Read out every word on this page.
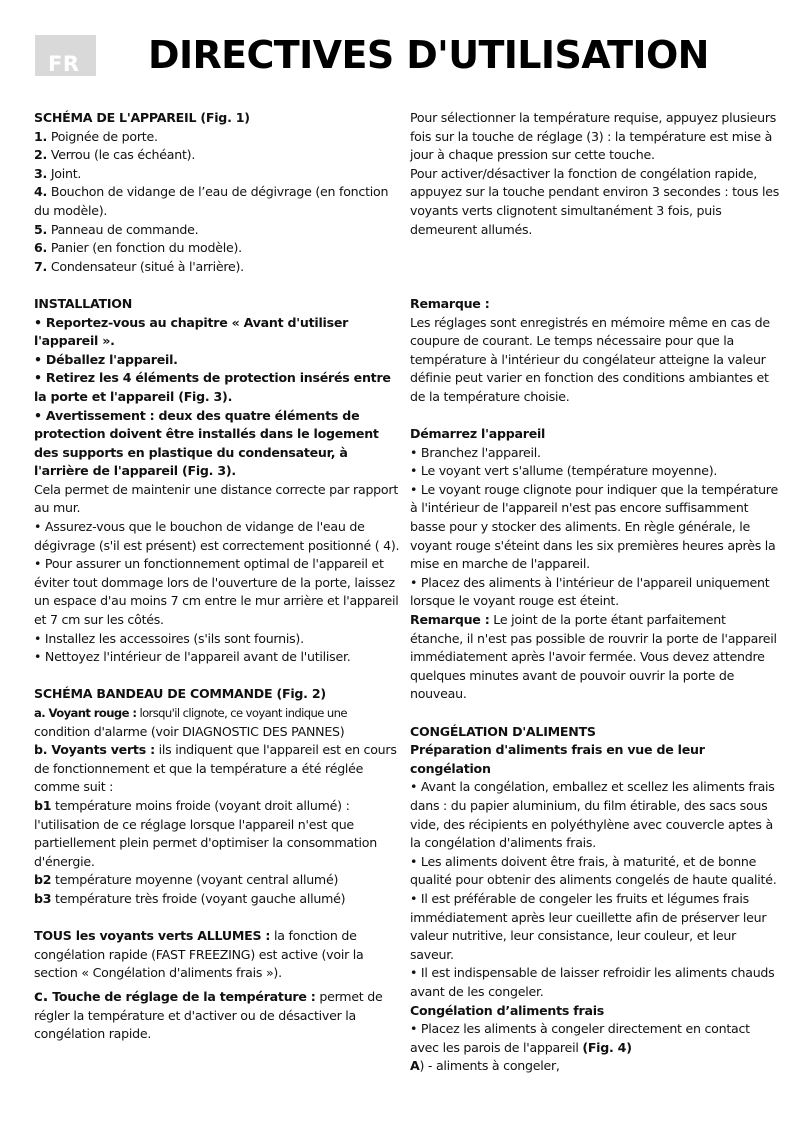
FR DIRECTIVES D'UTILISATION

SCHÉMA DE L'APPAREIL (Fig. 1)

1. Poignée de porte.

2. Verrou (le cas échéant).

3. Joint.

4. Bouchon de vidange de l’eau de dégivrage (en fonction du modèle).

5. Panneau de commande.

6. Panier (en fonction du modèle).

7. Condensateur (situé à l'arrière).

INSTALLATION

• Reportez-vous au chapitre « Avant d'utiliser l'appareil ».

• Déballez l'appareil.

• Retirez les 4 éléments de protection insérés entre la porte et l'appareil (Fig. 3).

• Avertissement : deux des quatre éléments de protection doivent être installés dans le logement des supports en plastique du condensateur, à l'arrière de l'appareil (Fig. 3).

Cela permet de maintenir une distance correcte par rapport au mur.

• Assurez-vous que le bouchon de vidange de l'eau de dégivrage (s'il est présent) est correctement positionné ( 4).

• Pour assurer un fonctionnement optimal de l'appareil et éviter tout dommage lors de l'ouverture de la porte, laissez un espace d'au moins 7 cm entre le mur arrière et l'appareil et 7 cm sur les côtés.

• Installez les accessoires (s'ils sont fournis).

• Nettoyez l'intérieur de l'appareil avant de l'utiliser.

SCHÉMA BANDEAU DE COMMANDE (Fig. 2)

a. Voyant rouge : lorsqu'il clignote, ce voyant indique une

condition d'alarme (voir DIAGNOSTIC DES PANNES)

b. Voyants verts : ils indiquent que l'appareil est en cours de fonctionnement et que la température a été réglée comme suit :

b1 température moins froide (voyant droit allumé) : l'utilisation de ce réglage lorsque l'appareil n'est que partiellement plein permet d'optimiser la consommation d'énergie.

b2 température moyenne (voyant central allumé)

b3 température très froide (voyant gauche allumé)

TOUS les voyants verts ALLUMES : la fonction de congélation rapide (FAST FREEZING) est active (voir la section « Congélation d'aliments frais »).

c. Touche de réglage de la température : permet de régler la température et d'activer ou de désactiver la congélation rapide.

Pour sélectionner la température requise, appuyez plusieurs fois sur la touche de réglage (3) : la température est mise à jour à chaque pression sur cette touche.

Pour activer/désactiver la fonction de congélation rapide, appuyez sur la touche pendant environ 3 secondes : tous les voyants verts clignotent simultanément 3 fois, puis demeurent allumés.

Remarque :

Les réglages sont enregistrés en mémoire même en cas de coupure de courant. Le temps nécessaire pour que la température à l'intérieur du congélateur atteigne la valeur définie peut varier en fonction des conditions ambiantes et de la température choisie.

Démarrez l'appareil

• Branchez l'appareil.

• Le voyant vert s'allume (température moyenne).

• Le voyant rouge clignote pour indiquer que la température à l'intérieur de l'appareil n'est pas encore suffisamment basse pour y stocker des aliments. En règle générale, le voyant rouge s'éteint dans les six premières heures après la mise en marche de l'appareil.

• Placez des aliments à l'intérieur de l'appareil uniquement lorsque le voyant rouge est éteint.

Remarque : Le joint de la porte étant parfaitement étanche, il n'est pas possible de rouvrir la porte de l'appareil immédiatement après l'avoir fermée. Vous devez attendre quelques minutes avant de pouvoir ouvrir la porte de nouveau.

CONGÉLATION D'ALIMENTS

Préparation d'aliments frais en vue de leur congélation

• Avant la congélation, emballez et scellez les aliments frais dans : du papier aluminium, du film étirable, des sacs sous vide, des récipients en polyéthylène avec couvercle aptes à la congélation d'aliments frais.

• Les aliments doivent être frais, à maturité, et de bonne qualité pour obtenir des aliments congelés de haute qualité.

• Il est préférable de congeler les fruits et légumes frais immédiatement après leur cueillette afin de préserver leur valeur nutritive, leur consistance, leur couleur, et leur saveur.

• Il est indispensable de laisser refroidir les aliments chauds avant de les congeler.

Congélation d’aliments frais

• Placez les aliments à congeler directement en contact avec les parois de l'appareil (Fig. 4)

A) - aliments à congeler,
